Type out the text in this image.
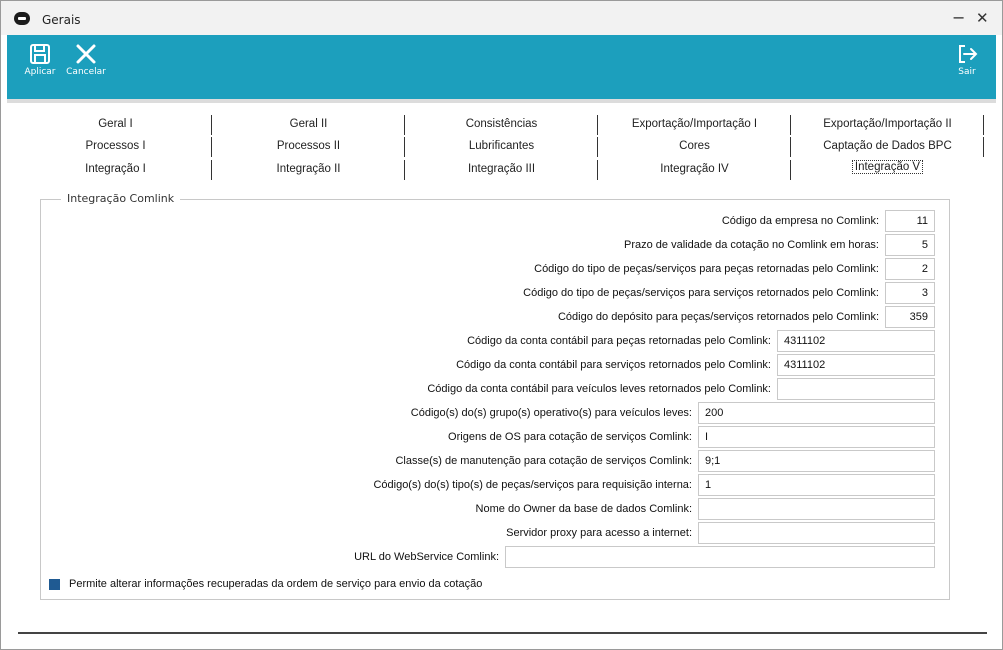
Gerais	− ✕
Aplicar	Cancelar	Sair
Geral I	Geral II	Consistências	Exportação/Importação I	Exportação/Importação II
Processos I	Processos II	Lubrificantes	Cores	Captação de Dados BPC
Integração I	Integração II	Integração III	Integração IV	Integração V
Integração Comlink
Código da empresa no Comlink:	11
Prazo de validade da cotação no Comlink em horas:	5
Código do tipo de peças/serviços para peças retornadas pelo Comlink:	2
Código do tipo de peças/serviços para serviços retornados pelo Comlink:	3
Código do depósito para peças/serviços retornados pelo Comlink:	359
Código da conta contábil para peças retornadas pelo Comlink:	4311102
Código da conta contábil para serviços retornados pelo Comlink:	4311102
Código da conta contábil para veículos leves retornados pelo Comlink:
Código(s) do(s) grupo(s) operativo(s) para veículos leves:	200
Origens de OS para cotação de serviços Comlink:	I
Classe(s) de manutenção para cotação de serviços Comlink:	9;1
Código(s) do(s) tipo(s) de peças/serviços para requisição interna:	1
Nome do Owner da base de dados Comlink:
Servidor proxy para acesso a internet:
URL do WebService Comlink:
Permite alterar informações recuperadas da ordem de serviço para envio da cotação
